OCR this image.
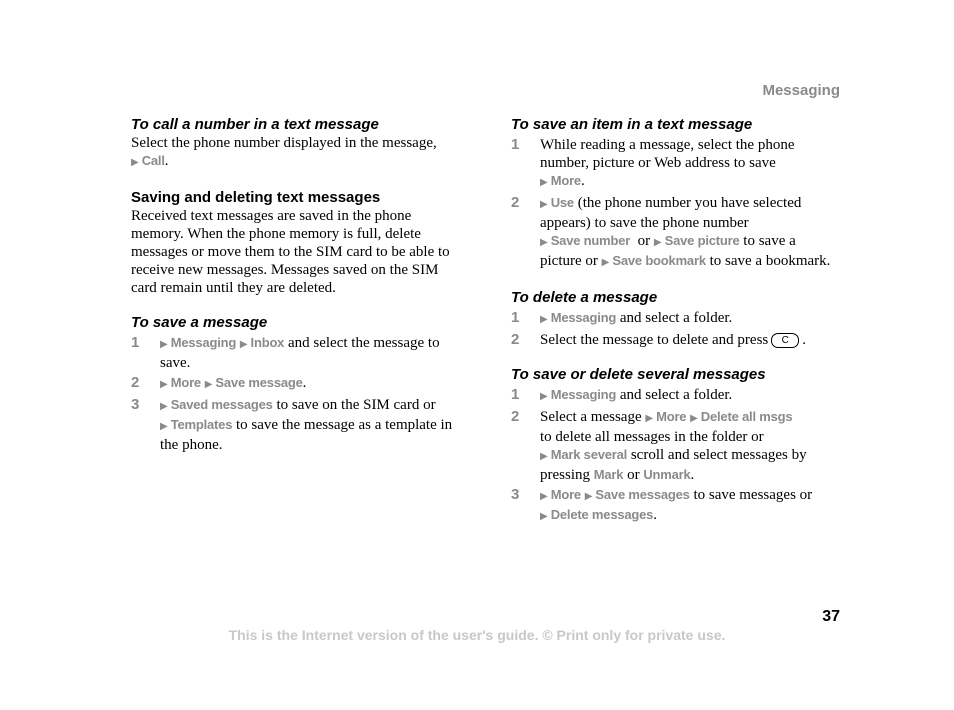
Messaging

To call a number in a text message

Select the phone number displayed in the message,
▶ Call.

Saving and deleting text messages

Received text messages are saved in the phone memory. When the phone memory is full, delete messages or move them to the SIM card to be able to receive new messages. Messages saved on the SIM card remain until they are deleted.

To save a message

1 ▶ Messaging ▶ Inbox and select the message to save.
2 ▶ More ▶ Save message.
3 ▶ Saved messages to save on the SIM card or
▶ Templates to save the message as a template in the phone.

To save an item in a text message

1 While reading a message, select the phone number, picture or Web address to save
▶ More.
2 ▶ Use (the phone number you have selected appears) to save the phone number
▶ Save number or ▶ Save picture to save a picture or ▶ Save bookmark to save a bookmark.

To delete a message

1 ▶ Messaging and select a folder.
2 Select the message to delete and press C .

To save or delete several messages

1 ▶ Messaging and select a folder.
2 Select a message ▶ More ▶ Delete all msgs
to delete all messages in the folder or
▶ Mark several scroll and select messages by pressing Mark or Unmark.
3 ▶ More ▶ Save messages to save messages or
▶ Delete messages.
37
This is the Internet version of the user's guide. © Print only for private use.
